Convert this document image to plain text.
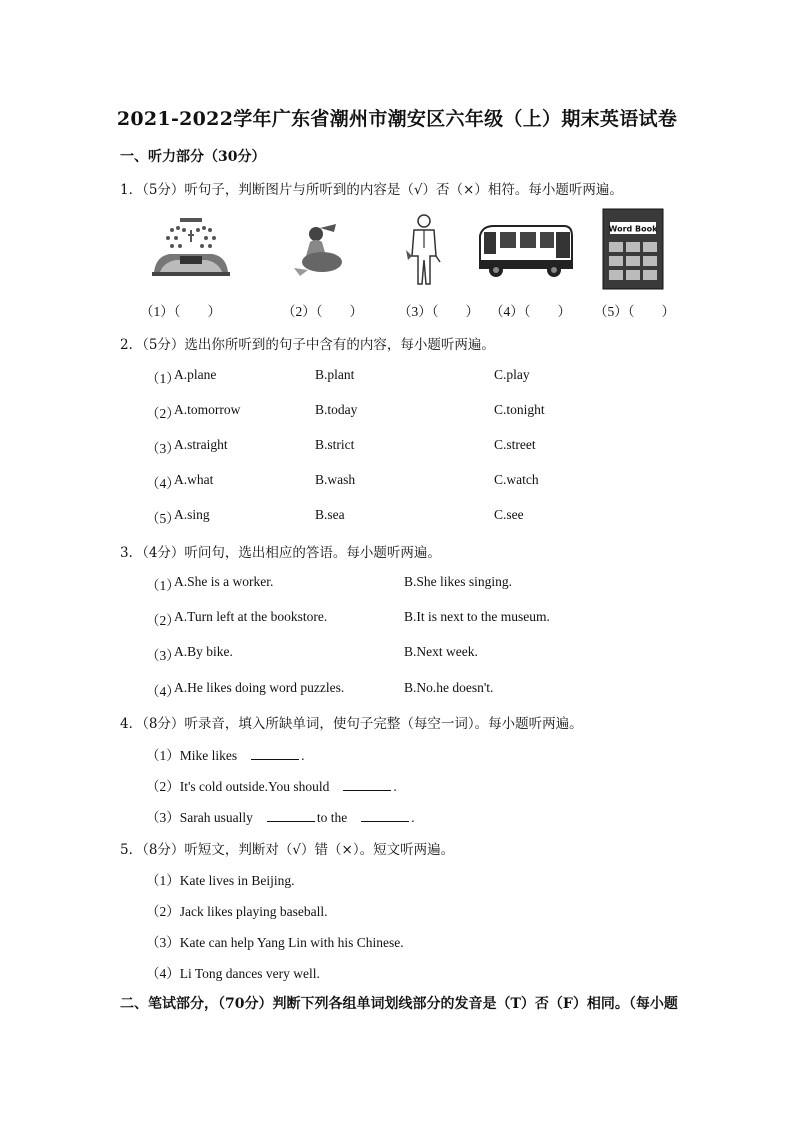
2021-2022学年广东省潮州市潮安区六年级（上）期末英语试卷
一、听力部分（30分）
1．（5分）听句子，判断图片与所听到的内容是（√）否（×）相符。每小题听两遍。
Word Book
（1）（　　）	（2）（　　）	（3）（　　） （4）（　　） （5）（　　）
2．（5分）选出你所听到的句子中含有的内容，每小题听两遍。
（1）
A.plane	B.plant	C.play
（2）
A.tomorrow	B.today	C.tonight
（3）
A.straight	B.strict	C.street
（4）
A.what	B.wash	C.watch
（5）
A.sing	B.sea	C.see
3．（4分）听问句，选出相应的答语。每小题听两遍。
（1）
A.She is a worker.	B.She likes singing.
（2）
A.Turn left at the bookstore.	B.It is next to the museum.
（3）
A.By bike.	B.Next week.
（4）
A.He likes doing word puzzles.	B.No.he doesn't.
4．（8分）听录音，填入所缺单词，使句子完整（每空一词）。每小题听两遍。
（1）Mike likes	.
（2）It's cold outside.You should	.
（3）Sarah usually	to the	.
5．（8分）听短文，判断对（√）错（×）。短文听两遍。
（1）Kate lives in Beijing.
（2）Jack likes playing baseball.
（3）Kate can help Yang Lin with his Chinese.
（4）Li Tong dances very well.
二、笔试部分，（70分）判断下列各组单词划线部分的发音是（T）否（F）相同。（每小题
